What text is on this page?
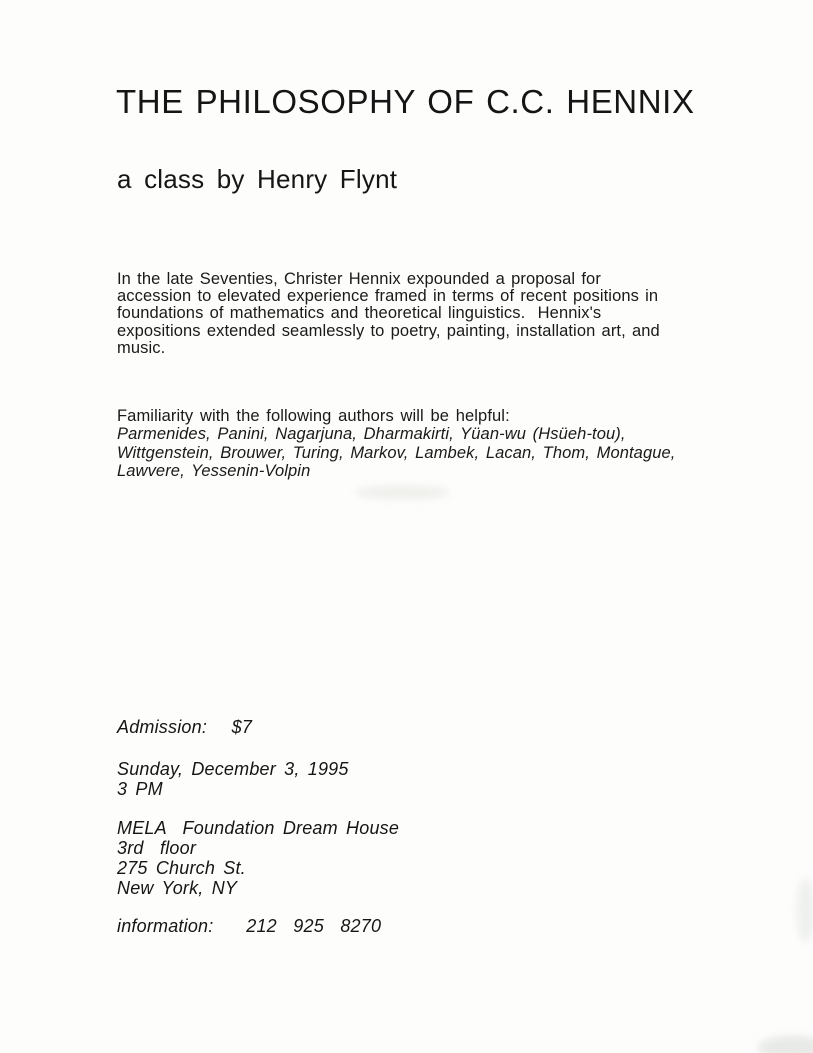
THE PHILOSOPHY OF C.C. HENNIX
a class by Henry Flynt
In the late Seventies, Christer Hennix expounded a proposal for
accession to elevated experience framed in terms of recent positions in
foundations of mathematics and theoretical linguistics.  Hennix's
expositions extended seamlessly to poetry, painting, installation art, and
music.
Familiarity with the following authors will be helpful:
Parmenides, Panini, Nagarjuna, Dharmakirti, Yüan-wu (Hsüeh-tou),
Wittgenstein, Brouwer, Turing, Markov, Lambek, Lacan, Thom, Montague,
Lawvere, Yessenin-Volpin
Admission:   $7
Sunday, December 3, 1995
3 PM
MELA  Foundation Dream House
3rd  floor
275 Church St.
New York, NY
information:    212  925  8270
